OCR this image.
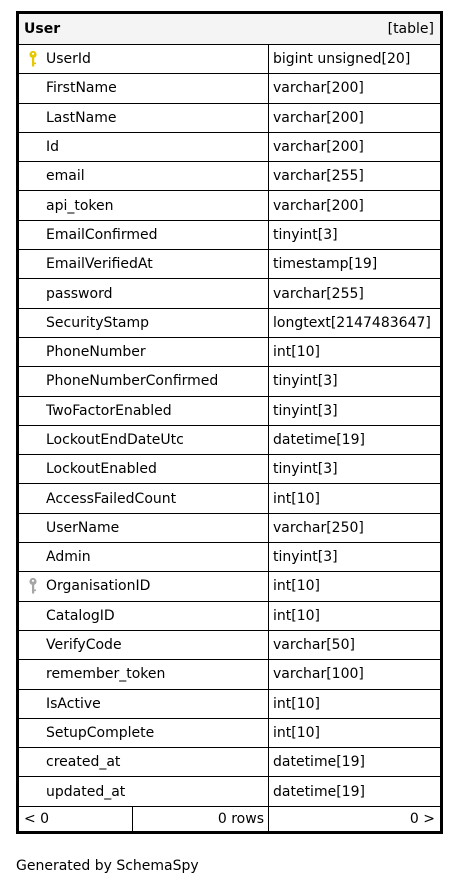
User	[table]
UserId	bigint unsigned[20]
FirstName	varchar[200]
LastName	varchar[200]
Id	varchar[200]
email	varchar[255]
api_token	varchar[200]
EmailConfirmed	tinyint[3]
EmailVerifiedAt	timestamp[19]
password	varchar[255]
SecurityStamp	longtext[2147483647]
PhoneNumber	int[10]
PhoneNumberConfirmed	tinyint[3]
TwoFactorEnabled	tinyint[3]
LockoutEndDateUtc	datetime[19]
LockoutEnabled	tinyint[3]
AccessFailedCount	int[10]
UserName	varchar[250]
Admin	tinyint[3]
OrganisationID	int[10]
CatalogID	int[10]
VerifyCode	varchar[50]
remember_token	varchar[100]
IsActive	int[10]
SetupComplete	int[10]
created_at	datetime[19]
updated_at	datetime[19]
< 0	0 rows	0 >
Generated by SchemaSpy
